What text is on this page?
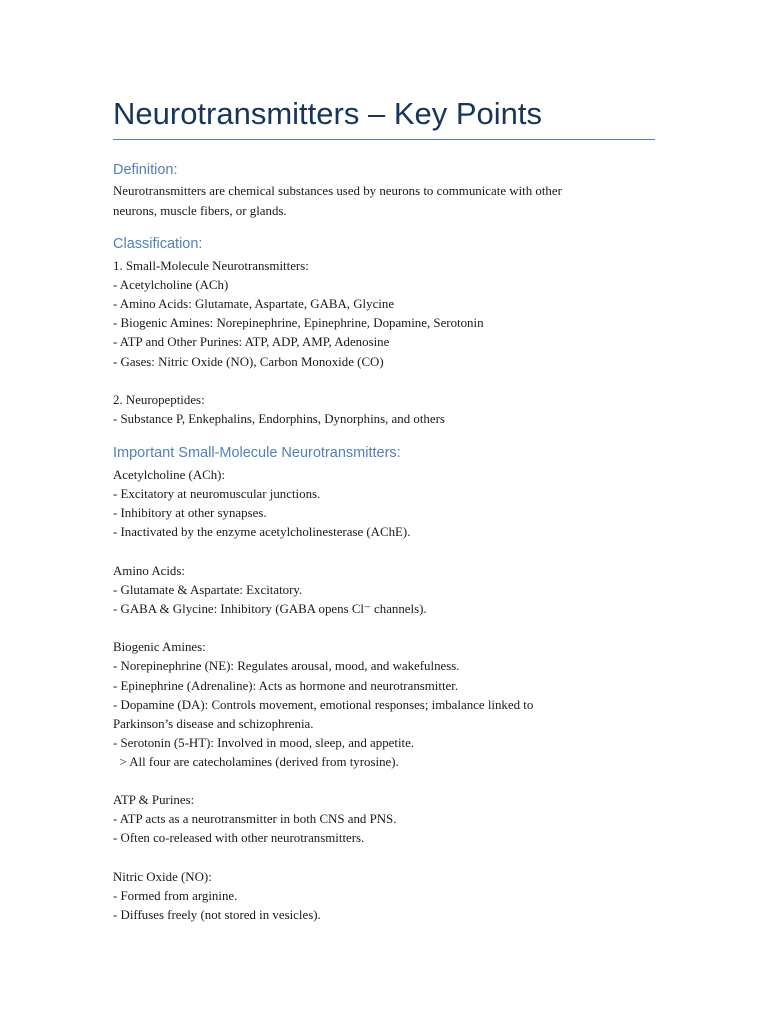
Neurotransmitters – Key Points
Definition:

Neurotransmitters are chemical substances used by neurons to communicate with other

neurons, muscle fibers, or glands.

Classification:

1. Small-Molecule Neurotransmitters:

- Acetylcholine (ACh)

- Amino Acids: Glutamate, Aspartate, GABA, Glycine

- Biogenic Amines: Norepinephrine, Epinephrine, Dopamine, Serotonin

- ATP and Other Purines: ATP, ADP, AMP, Adenosine

- Gases: Nitric Oxide (NO), Carbon Monoxide (CO)

2. Neuropeptides:

- Substance P, Enkephalins, Endorphins, Dynorphins, and others

Important Small-Molecule Neurotransmitters:

Acetylcholine (ACh):

- Excitatory at neuromuscular junctions.

- Inhibitory at other synapses.

- Inactivated by the enzyme acetylcholinesterase (AChE).

Amino Acids:

- Glutamate & Aspartate: Excitatory.

- GABA & Glycine: Inhibitory (GABA opens Cl⁻ channels).

Biogenic Amines:

- Norepinephrine (NE): Regulates arousal, mood, and wakefulness.

- Epinephrine (Adrenaline): Acts as hormone and neurotransmitter.

- Dopamine (DA): Controls movement, emotional responses; imbalance linked to

Parkinson’s disease and schizophrenia.

- Serotonin (5-HT): Involved in mood, sleep, and appetite.

> All four are catecholamines (derived from tyrosine).

ATP & Purines:

- ATP acts as a neurotransmitter in both CNS and PNS.

- Often co-released with other neurotransmitters.

Nitric Oxide (NO):

- Formed from arginine.

- Diffuses freely (not stored in vesicles).
